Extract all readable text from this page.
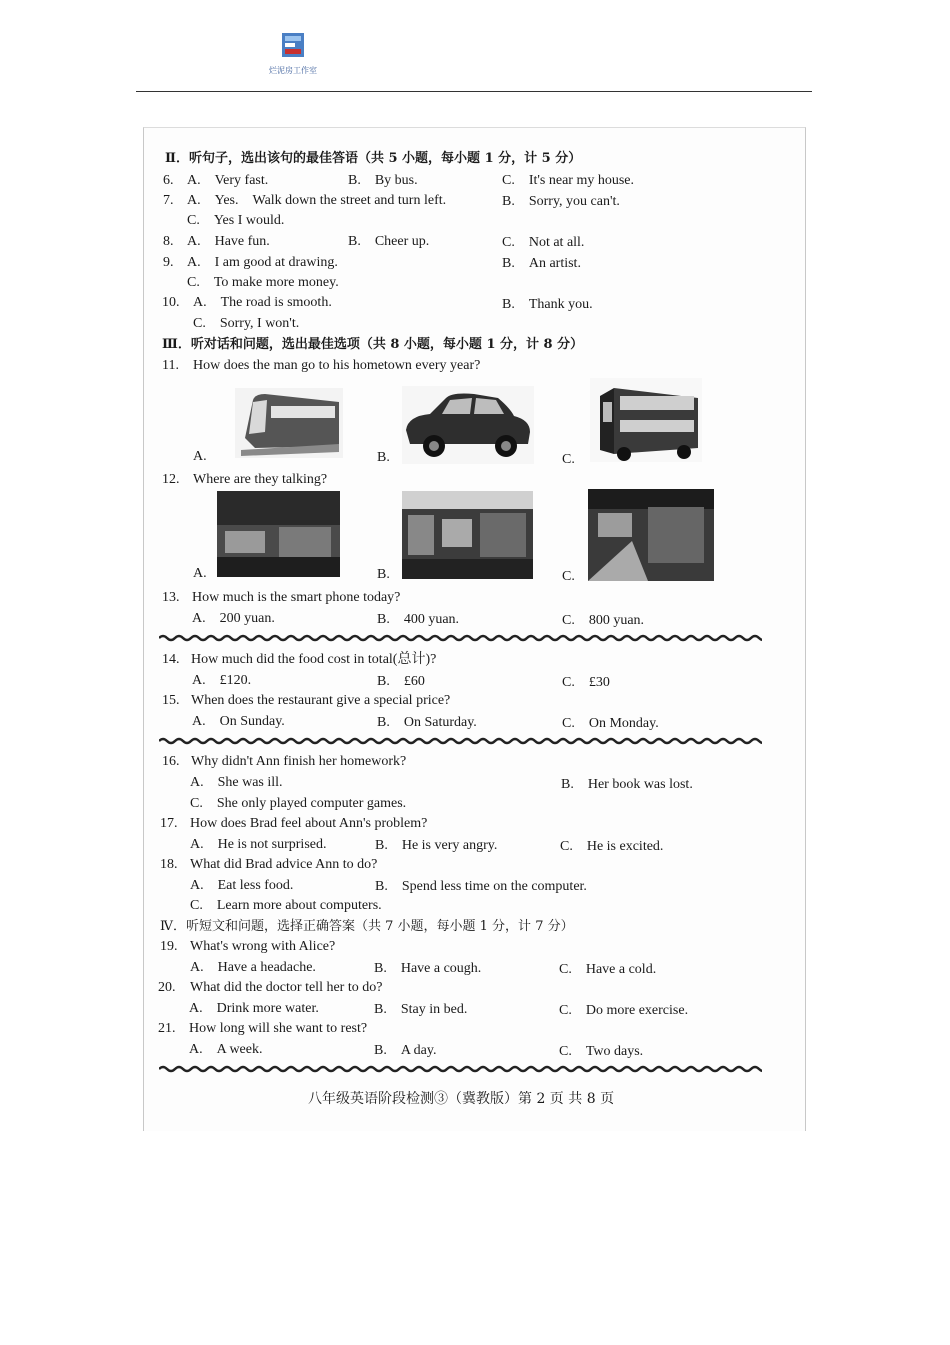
烂泥房工作室
Ⅱ．听句子，选出该句的最佳答语（共 5 小题，每小题 1 分，计 5 分）
6. A.　Very fast.	B.　By bus.	C.　It's near my house.
7. A.　Yes.　Walk down the street and turn left.	B.　Sorry, you can't.
C.　Yes I would.
8. A.　Have fun.	B.　Cheer up.	C.　Not at all.
9. A.　I am good at drawing.	B.　An artist.
C.　To make more money.
10. A.　The road is smooth.	B.　Thank you.
C.　Sorry, I won't.
Ⅲ．听对话和问题，选出最佳选项（共 8 小题，每小题 1 分，计 8 分）
11. How does the man go to his hometown every year?
A.	B.	C.
12. Where are they talking?
A.	B.	C.
13. How much is the smart phone today?
A.　200 yuan.	B.　400 yuan.	C.　800 yuan.
14. How much did the food cost in total(总计)?
A.　£120.	B.　£60	C.　£30
15. When does the restaurant give a special price?
A.　On Sunday.	B.　On Saturday.	C.　On Monday.
16. Why didn't Ann finish her homework?
A.　She was ill.	B.　Her book was lost.
C.　She only played computer games.
17. How does Brad feel about Ann's problem?
A.　He is not surprised.	B.　He is very angry.	C.　He is excited.
18. What did Brad advice Ann to do?
A.　Eat less food.	B.　Spend less time on the computer.
C.　Learn more about computers.
Ⅳ．听短文和问题，选择正确答案（共 7 小题，每小题 1 分，计 7 分）
19. What's wrong with Alice?
A.　Have a headache.	B.　Have a cough.	C.　Have a cold.
20. What did the doctor tell her to do?
A.　Drink more water.	B.　Stay in bed.	C.　Do more exercise.
21. How long will she want to rest?
A.　A week.	B.　A day.	C.　Two days.
八年级英语阶段检测③（冀教版）第 2 页 共 8 页
